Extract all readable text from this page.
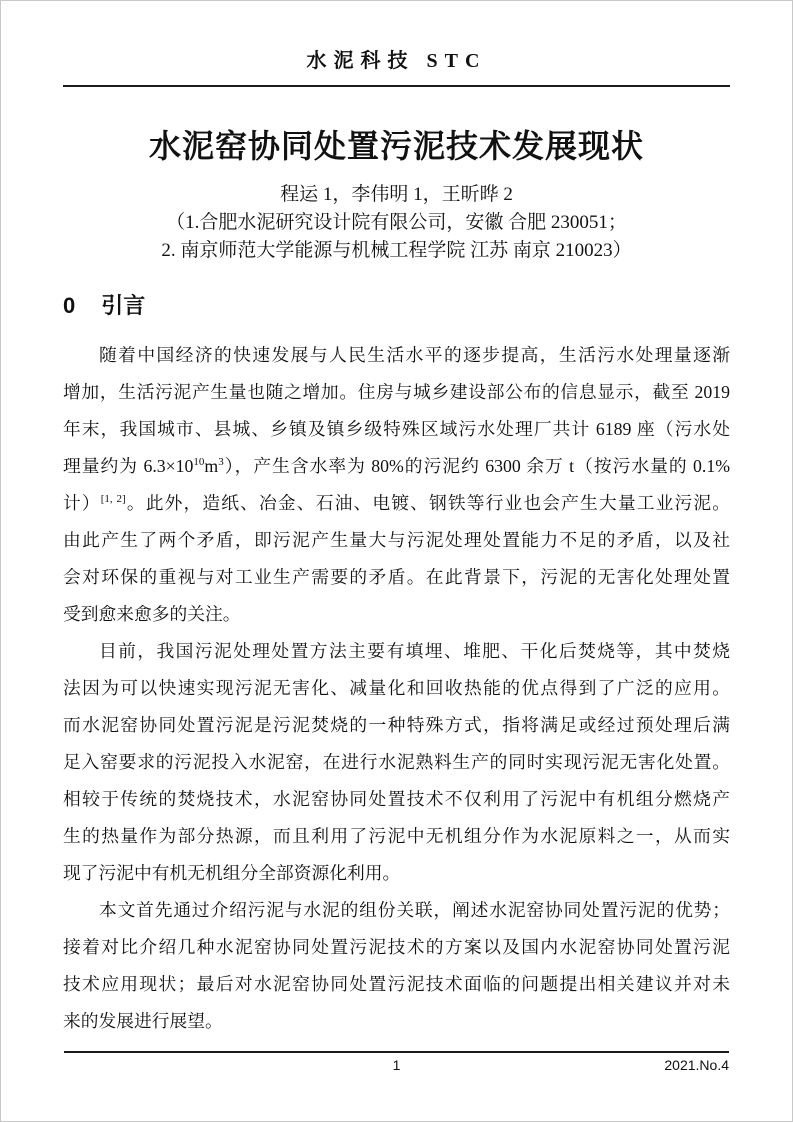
水泥科技 STC
水泥窑协同处置污泥技术发展现状
程运 1，李伟明 1，王昕晔 2
（1.合肥水泥研究设计院有限公司，安徽 合肥 230051；
2. 南京师范大学能源与机械工程学院 江苏 南京 210023）
0 引言
随着中国经济的快速发展与人民生活水平的逐步提高，生活污水处理量逐渐
增加，生活污泥产生量也随之增加。住房与城乡建设部公布的信息显示，截至 2019
年末，我国城市、县城、乡镇及镇乡级特殊区域污水处理厂共计 6189 座（污水处
理量约为 $6.3\times 10^{10}m^3$），产生含水率为 80%的污泥约 6300 余万 t（按污水量的 0.1%
计）[1, 2]。此外，造纸、冶金、石油、电镀、钢铁等行业也会产生大量工业污泥。
由此产生了两个矛盾，即污泥产生量大与污泥处理处置能力不足的矛盾，以及社
会对环保的重视与对工业生产需要的矛盾。在此背景下，污泥的无害化处理处置
受到愈来愈多的关注。
目前，我国污泥处理处置方法主要有填埋、堆肥、干化后焚烧等，其中焚烧
法因为可以快速实现污泥无害化、减量化和回收热能的优点得到了广泛的应用。
而水泥窑协同处置污泥是污泥焚烧的一种特殊方式，指将满足或经过预处理后满
足入窑要求的污泥投入水泥窑，在进行水泥熟料生产的同时实现污泥无害化处置。
相较于传统的焚烧技术，水泥窑协同处置技术不仅利用了污泥中有机组分燃烧产
生的热量作为部分热源，而且利用了污泥中无机组分作为水泥原料之一，从而实
现了污泥中有机无机组分全部资源化利用。
本文首先通过介绍污泥与水泥的组份关联，阐述水泥窑协同处置污泥的优势；
接着对比介绍几种水泥窑协同处置污泥技术的方案以及国内水泥窑协同处置污泥
技术应用现状；最后对水泥窑协同处置污泥技术面临的问题提出相关建议并对未
来的发展进行展望。
1	2021.No.4
